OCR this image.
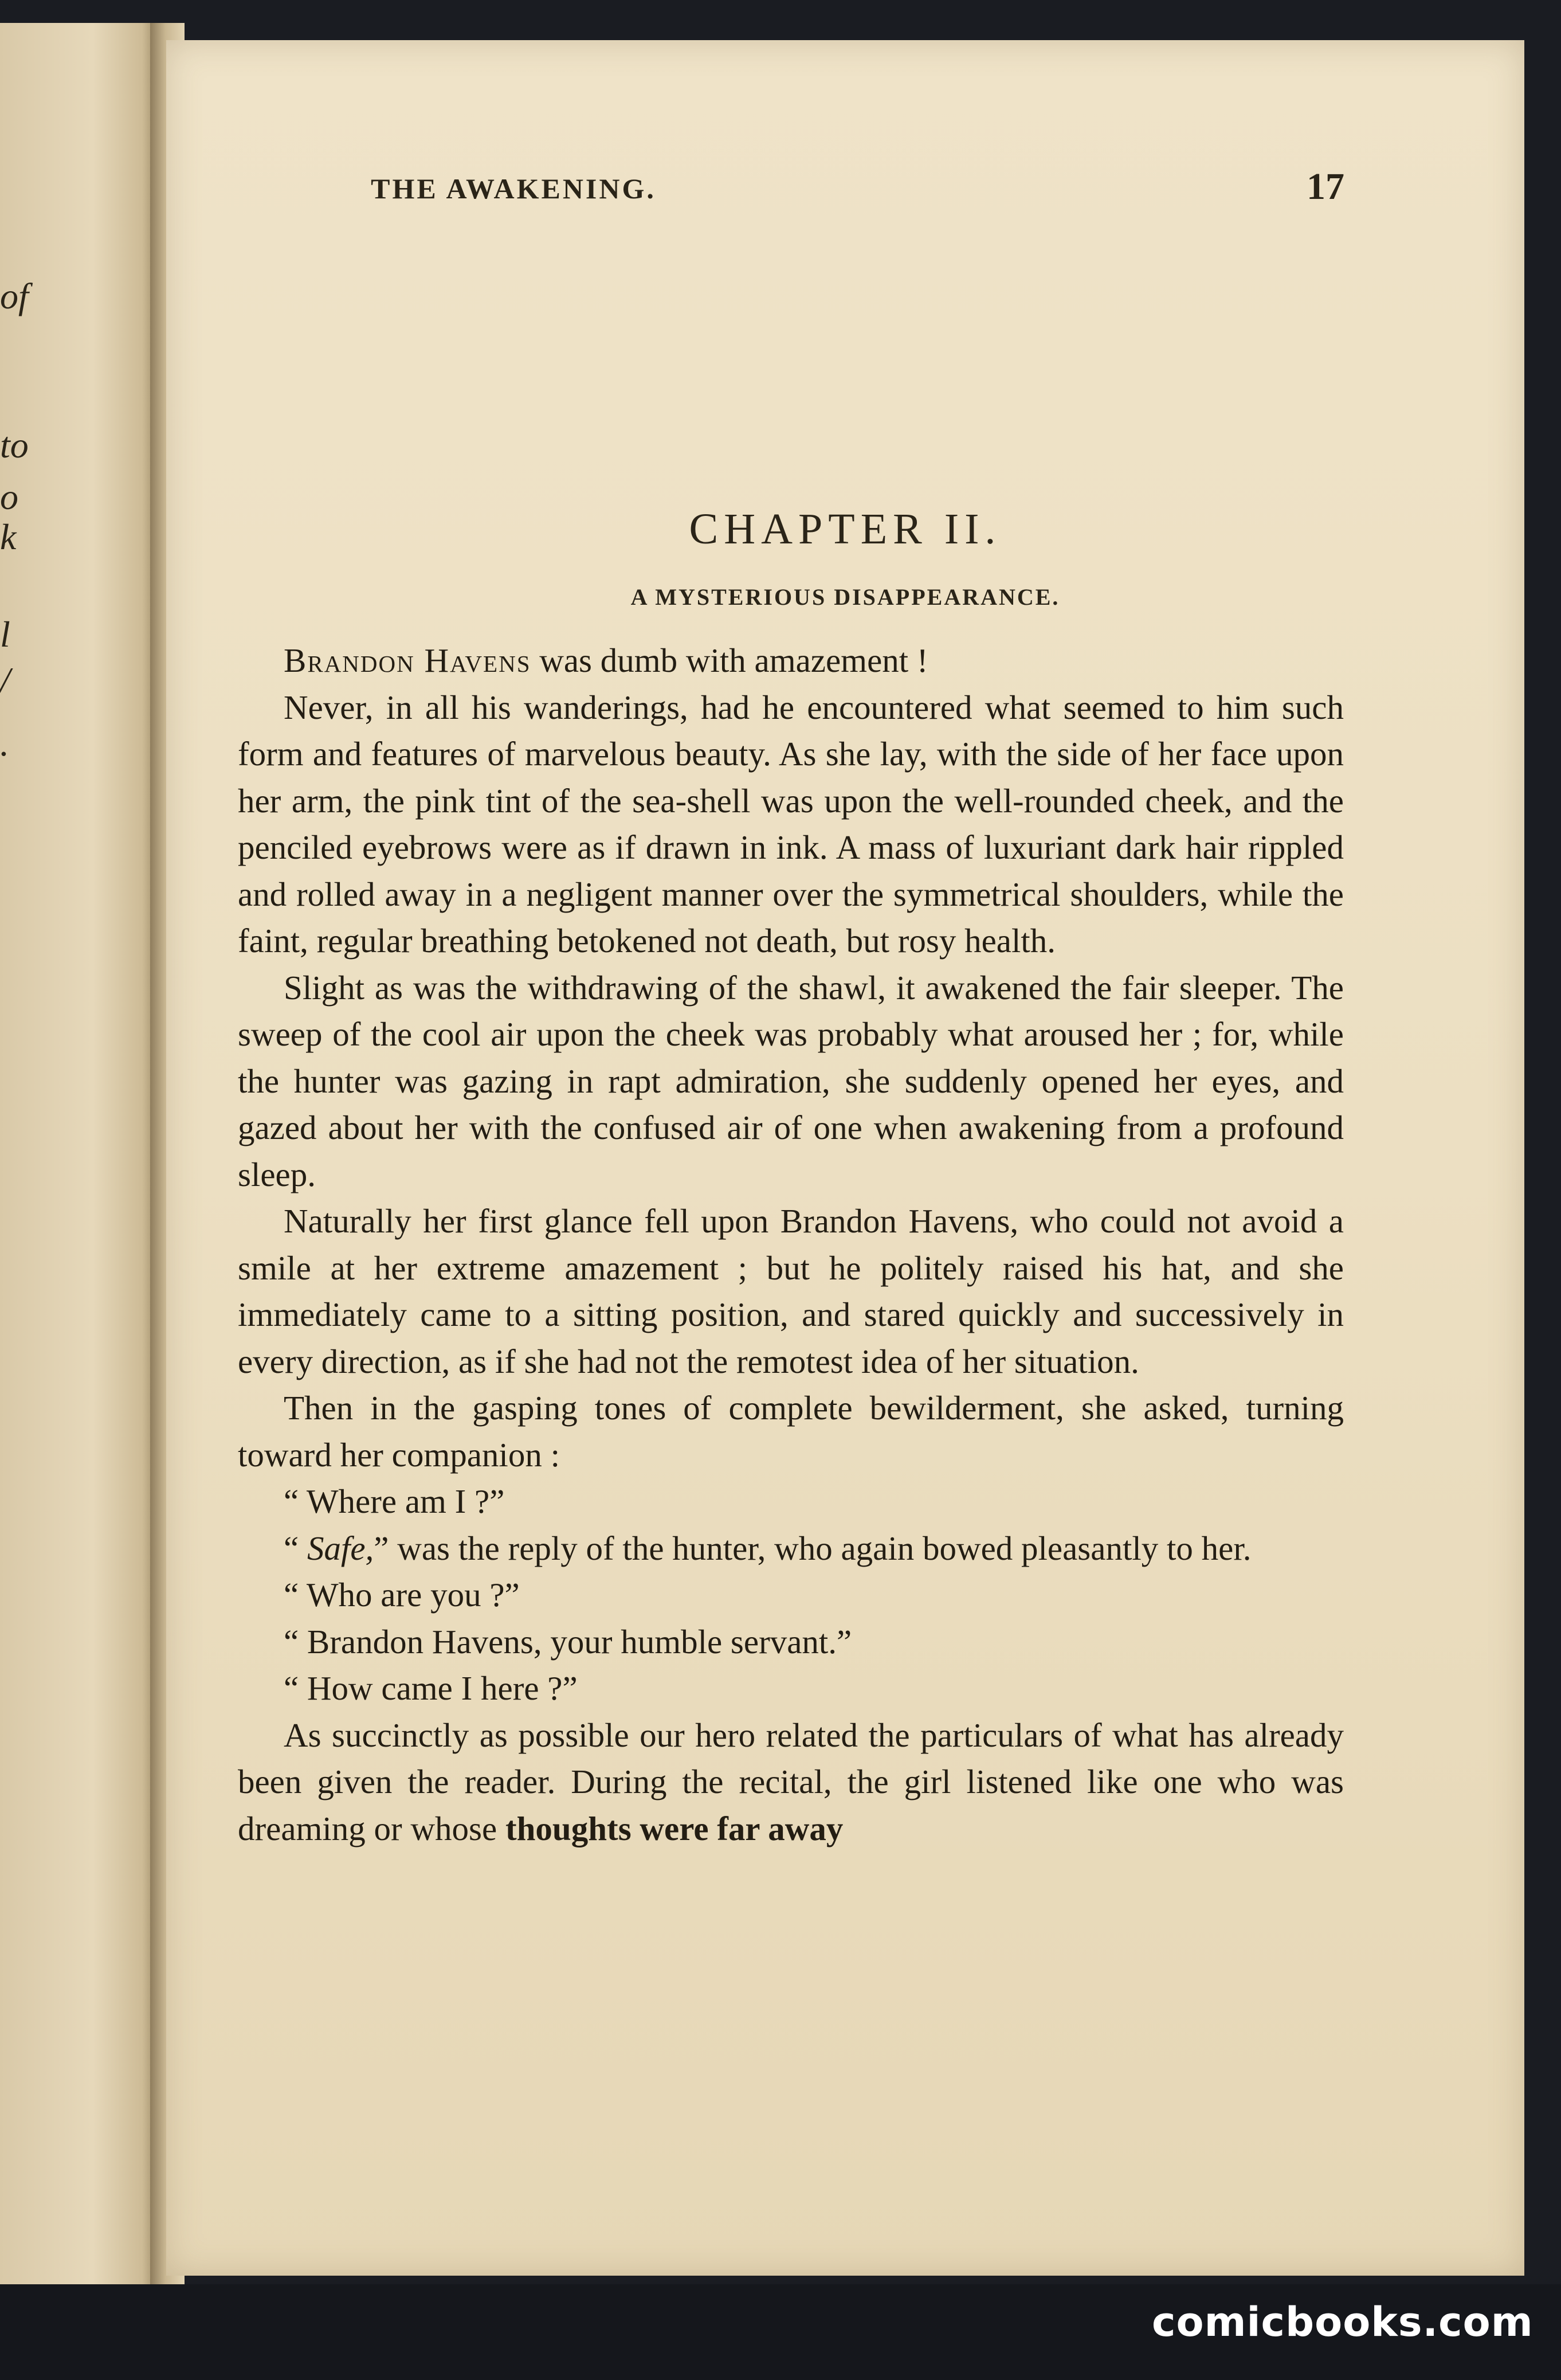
of
to
o
k
l
/
.
THE AWAKENING.	17
CHAPTER II.
A MYSTERIOUS DISAPPEARANCE.

Brandon Havens was dumb with amazement !

Never, in all his wanderings, had he encountered what seemed to him such form and features of marvelous beauty. As she lay, with the side of her face upon her arm, the pink tint of the sea-shell was upon the well-rounded cheek, and the penciled eyebrows were as if drawn in ink. A mass of luxuriant dark hair rippled and rolled away in a negligent manner over the symmetrical shoulders, while the faint, regular breathing betokened not death, but rosy health.

Slight as was the withdrawing of the shawl, it awakened the fair sleeper. The sweep of the cool air upon the cheek was probably what aroused her ; for, while the hunter was gazing in rapt admiration, she suddenly opened her eyes, and gazed about her with the confused air of one when awakening from a profound sleep.

Naturally her first glance fell upon Brandon Havens, who could not avoid a smile at her extreme amazement ; but he politely raised his hat, and she immediately came to a sitting position, and stared quickly and successively in every direction, as if she had not the remotest idea of her situation.

Then in the gasping tones of complete bewilderment, she asked, turning toward her companion :

“ Where am I ?”

“ Safe,” was the reply of the hunter, who again bowed pleasantly to her.

“ Who are you ?”

“ Brandon Havens, your humble servant.”

“ How came I here ?”

As succinctly as possible our hero related the particulars of what has already been given the reader. During the recital, the girl listened like one who was dreaming or whose thoughts were far away

comicbooks.com
